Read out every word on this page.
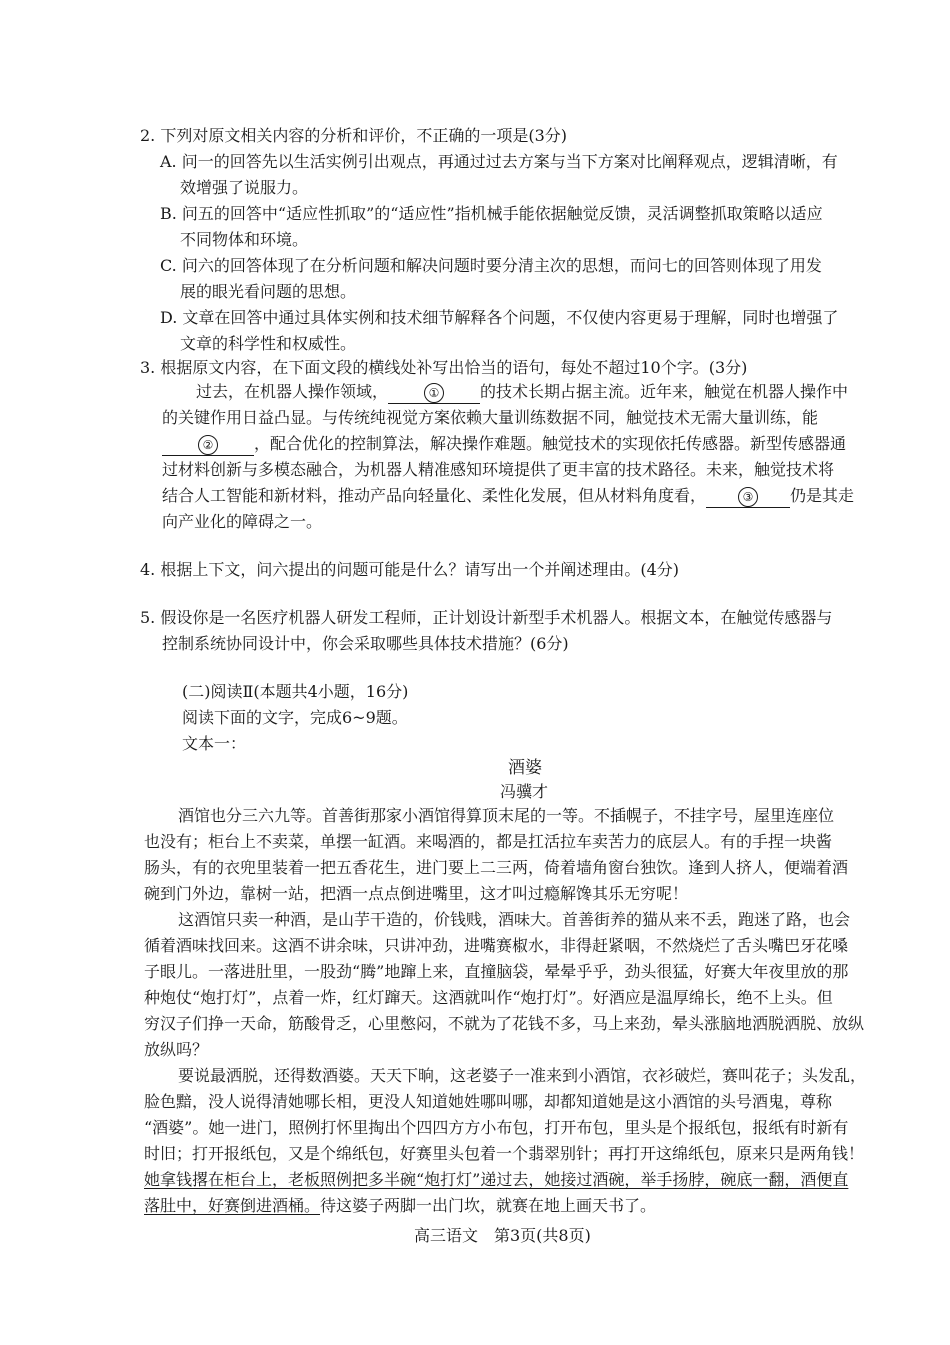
2. 下列对原文相关内容的分析和评价，不正确的一项是(3分)
A. 问一的回答先以生活实例引出观点，再通过过去方案与当下方案对比阐释观点，逻辑清晰，有
效增强了说服力。
B. 问五的回答中“适应性抓取”的“适应性”指机械手能依据触觉反馈，灵活调整抓取策略以适应
不同物体和环境。
C. 问六的回答体现了在分析问题和解决问题时要分清主次的思想，而问七的回答则体现了用发
展的眼光看问题的思想。
D. 文章在回答中通过具体实例和技术细节解释各个问题，不仅使内容更易于理解，同时也增强了
文章的科学性和权威性。
3. 根据原文内容，在下面文段的横线处补写出恰当的语句，每处不超过10个字。(3分)
过去，在机器人操作领域，	①	的技术长期占据主流。近年来，触觉在机器人操作中
的关键作用日益凸显。与传统纯视觉方案依赖大量训练数据不同，触觉技术无需大量训练，能
②	，配合优化的控制算法，解决操作难题。触觉技术的实现依托传感器。新型传感器通
过材料创新与多模态融合，为机器人精准感知环境提供了更丰富的技术路径。未来，触觉技术将
结合人工智能和新材料，推动产品向轻量化、柔性化发展，但从材料角度看，	③ 仍是其走
向产业化的障碍之一。
4. 根据上下文，问六提出的问题可能是什么？请写出一个并阐述理由。(4分)
5. 假设你是一名医疗机器人研发工程师，正计划设计新型手术机器人。根据文本，在触觉传感器与
控制系统协同设计中，你会采取哪些具体技术措施？(6分)
(二)阅读Ⅱ(本题共4小题，16分)
阅读下面的文字，完成6~9题。
文本一：
酒婆
冯骥才
酒馆也分三六九等。首善街那家小酒馆得算顶末尾的一等。不插幌子，不挂字号，屋里连座位
也没有；柜台上不卖菜，单摆一缸酒。来喝酒的，都是扛活拉车卖苦力的底层人。有的手捏一块酱
肠头，有的衣兜里装着一把五香花生，进门要上二三两，倚着墙角窗台独饮。逢到人挤人，便端着酒
碗到门外边，靠树一站，把酒一点点倒进嘴里，这才叫过瘾解馋其乐无穷呢！
这酒馆只卖一种酒，是山芋干造的，价钱贱，酒味大。首善街养的猫从来不丢，跑迷了路，也会
循着酒味找回来。这酒不讲余味，只讲冲劲，进嘴赛椒水，非得赶紧咽，不然烧烂了舌头嘴巴牙花嗓
子眼儿。一落进肚里，一股劲“腾”地蹿上来，直撞脑袋，晕晕乎乎，劲头很猛，好赛大年夜里放的那
种炮仗“炮打灯”，点着一炸，红灯蹿天。这酒就叫作“炮打灯”。好酒应是温厚绵长，绝不上头。但
穷汉子们挣一天命，筋酸骨乏，心里憋闷，不就为了花钱不多，马上来劲，晕头涨脑地洒脱洒脱、放纵
放纵吗？
要说最洒脱，还得数酒婆。天天下晌，这老婆子一准来到小酒馆，衣衫破烂，赛叫花子；头发乱，
脸色黯，没人说得清她哪长相，更没人知道她姓哪叫哪，却都知道她是这小酒馆的头号酒鬼，尊称
“酒婆”。她一进门，照例打怀里掏出个四四方方小布包，打开布包，里头是个报纸包，报纸有时新有
时旧；打开报纸包，又是个绵纸包，好赛里头包着一个翡翠别针；再打开这绵纸包，原来只是两角钱！
她拿钱撂在柜台上，老板照例把多半碗“炮打灯”递过去，她接过酒碗，举手扬脖，碗底一翻，酒便直
落肚中，好赛倒进酒桶。待这婆子两脚一出门坎，就赛在地上画天书了。
高三语文　第3页(共8页)
